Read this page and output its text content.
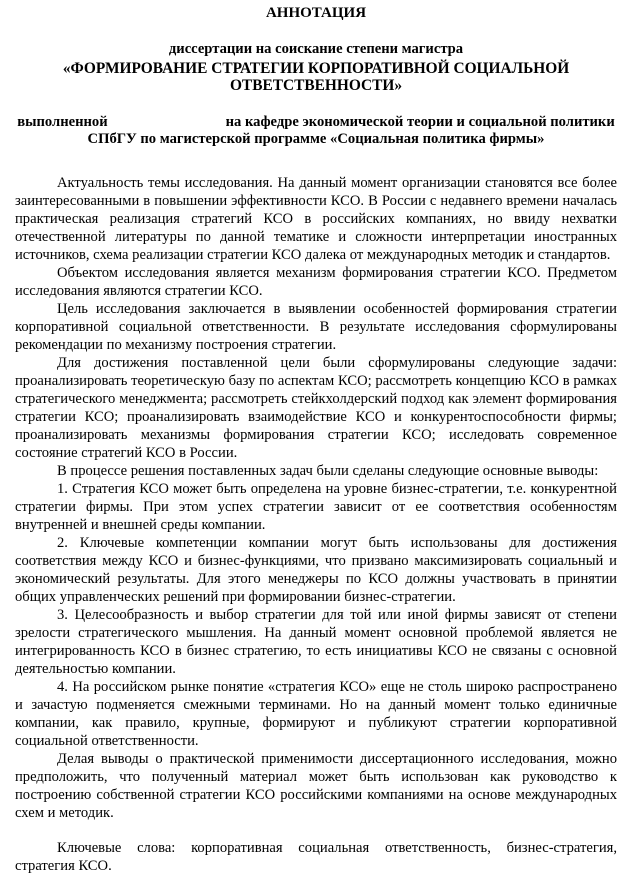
АННОТАЦИЯ

диссертации на соискание степени магистра

«ФОРМИРОВАНИЕ СТРАТЕГИИ КОРПОРАТИВНОЙ СОЦИАЛЬНОЙ ОТВЕТСТВЕННОСТИ»

выполненной	на кафедре экономической теории и социальной политики СПбГУ по магистерской программе «Социальная политика фирмы»

Актуальность темы исследования. На данный момент организации становятся все более заинтересованными в повышении эффективности КСО. В России с недавнего времени началась практическая реализация стратегий КСО в российских компаниях, но ввиду нехватки отечественной литературы по данной тематике и сложности интерпретации иностранных источников, схема реализации стратегии КСО далека от международных методик и стандартов.

Объектом исследования является механизм формирования стратегии КСО. Предметом исследования являются стратегии КСО.

Цель исследования заключается в выявлении особенностей формирования стратегии корпоративной социальной ответственности. В результате исследования сформулированы рекомендации по механизму построения стратегии.

Для достижения поставленной цели были сформулированы следующие задачи: проанализировать теоретическую базу по аспектам КСО; рассмотреть концепцию КСО в рамках стратегического менеджмента; рассмотреть стейкхолдерский подход как элемент формирования стратегии КСО; проанализировать взаимодействие КСО и конкурентоспособности фирмы; проанализировать механизмы формирования стратегии КСО; исследовать современное состояние стратегий КСО в России.

В процессе решения поставленных задач были сделаны следующие основные выводы:

1. Стратегия КСО может быть определена на уровне бизнес-стратегии, т.е. конкурентной стратегии фирмы. При этом успех стратегии зависит от ее соответствия особенностям внутренней и внешней среды компании.

2. Ключевые компетенции компании могут быть использованы для достижения соответствия между КСО и бизнес-функциями, что призвано максимизировать социальный и экономический результаты. Для этого менеджеры по КСО должны участвовать в принятии общих управленческих решений при формировании бизнес-стратегии.

3. Целесообразность и выбор стратегии для той или иной фирмы зависят от степени зрелости стратегического мышления. На данный момент основной проблемой является не интегрированность КСО в бизнес стратегию, то есть инициативы КСО не связаны с основной деятельностью компании.

4. На российском рынке понятие «стратегия КСО» еще не столь широко распространено и зачастую подменяется смежными терминами. Но на данный момент только единичные компании, как правило, крупные, формируют и публикуют стратегии корпоративной социальной ответственности.

Делая выводы о практической применимости диссертационного исследования, можно предположить, что полученный материал может быть использован как руководство к построению собственной стратегии КСО российскими компаниями на основе международных схем и методик.

Ключевые слова: корпоративная социальная ответственность, бизнес-стратегия, стратегия КСО.
